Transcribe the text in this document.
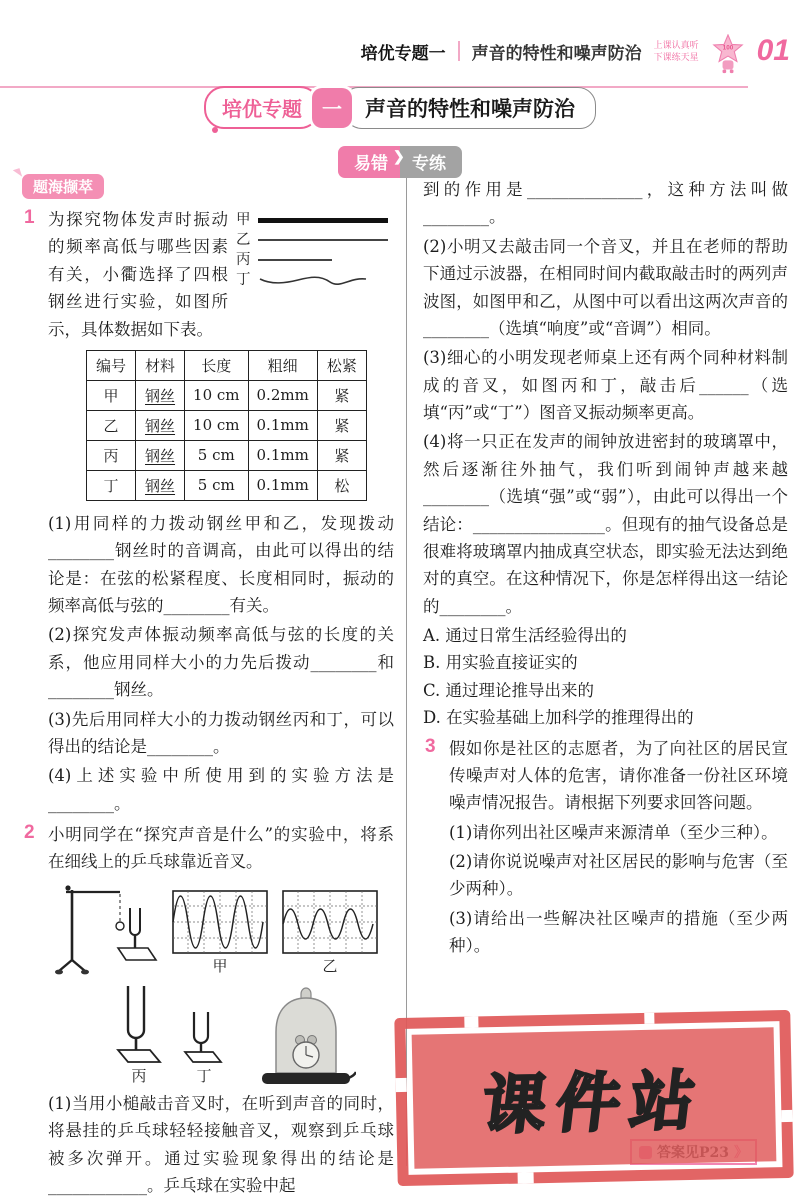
培优专题一 声音的特性和噪声防治 上课认真听
下课练天星
100 01
培优专题	一	声音的特性和噪声防治
易错	专练
❯
题海撷萃
1	甲
乙
丙
丁
为探究物体发声时振动的频率高低与哪些因素有关，小衢选择了四根钢丝进行实验，如图所示，具体数据如下表。
编号	材料	长度	粗细	松紧
甲	钢丝	10 cm	0.2mm	紧
乙	钢丝	10 cm	0.1mm	紧
丙	钢丝	5 cm	0.1mm	紧
丁	钢丝	5 cm	0.1mm	松
(1)用同样的力拨动钢丝甲和乙，发现拨动________钢丝时的音调高，由此可以得出的结论是：在弦的松紧程度、长度相同时，振动的频率高低与弦的________有关。
(2)探究发声体振动频率高低与弦的长度的关系，他应用同样大小的力先后拨动________和________钢丝。
(3)先后用同样大小的力拨动钢丝丙和丁，可以得出的结论是________。
(4)上述实验中所使用到的实验方法是________。
2 小明同学在“探究声音是什么”的实验中，将系在细线上的乒乓球靠近音叉。
甲	乙
丙	丁
(1)当用小槌敲击音叉时，在听到声音的同时，将悬挂的乒乓球轻轻接触音叉，观察到乒乓球被多次弹开。通过实验现象得出的结论是____________。乒乓球在实验中起
到的作用是______________，这种方法叫做________。
(2)小明又去敲击同一个音叉，并且在老师的帮助下通过示波器，在相同时间内截取敲击时的两列声波图，如图甲和乙，从图中可以看出这两次声音的________（选填“响度”或“音调”）相同。
(3)细心的小明发现老师桌上还有两个同种材料制成的音叉，如图丙和丁，敲击后______（选填“丙”或“丁”）图音叉振动频率更高。
(4)将一只正在发声的闹钟放进密封的玻璃罩中，然后逐渐往外抽气，我们听到闹钟声越来越________（选填“强”或“弱”），由此可以得出一个结论：________________。但现有的抽气设备总是很难将玻璃罩内抽成真空状态，即实验无法达到绝对的真空。在这种情况下，你是怎样得出这一结论的________。
A. 通过日常生活经验得出的
B. 用实验直接证实的
C. 通过理论推导出来的
D. 在实验基础上加科学的推理得出的
3 假如你是社区的志愿者，为了向社区的居民宣传噪声对人体的危害，请你准备一份社区环境噪声情况报告。请根据下列要求回答问题。
(1)请你列出社区噪声来源清单（至少三种）。
(2)请你说说噪声对社区居民的影响与危害（至少两种）。
(3)请给出一些解决社区噪声的措施（至少两种）。
课件站
